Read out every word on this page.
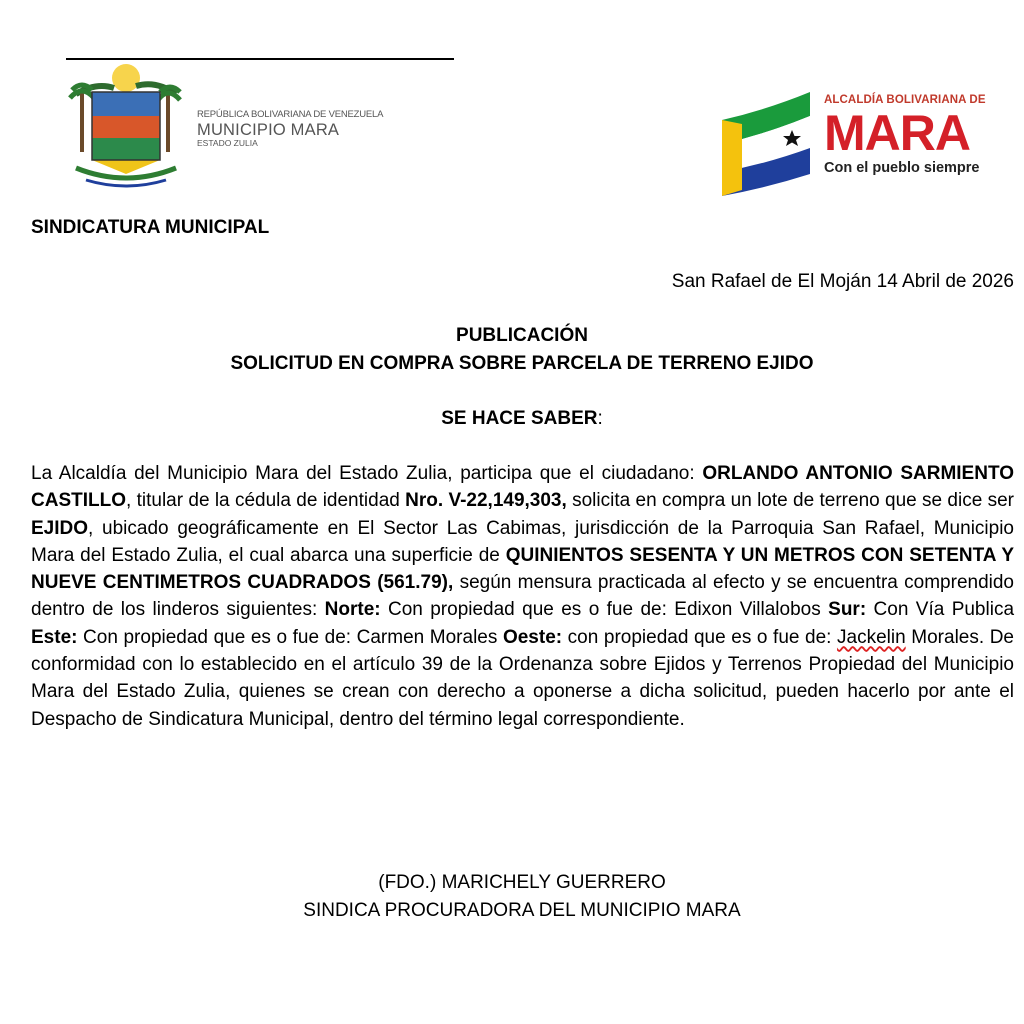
REPÚBLICA BOLIVARIANA DE VENEZUELA
MUNICIPIO MARA
ESTADO ZULIA
ALCALDÍA BOLIVARIANA DE
MARA
Con el pueblo siempre
SINDICATURA MUNICIPAL
San Rafael de El Moján 14 Abril de 2026
PUBLICACIÓN
SOLICITUD EN COMPRA SOBRE PARCELA DE TERRENO EJIDO
SE HACE SABER:
La Alcaldía del Municipio Mara del Estado Zulia, participa que el ciudadano: ORLANDO ANTONIO SARMIENTO CASTILLO, titular de la cédula de identidad Nro. V-22,149,303, solicita en compra un lote de terreno que se dice ser EJIDO, ubicado geográficamente en El Sector Las Cabimas, jurisdicción de la Parroquia San Rafael, Municipio Mara del Estado Zulia, el cual abarca una superficie de QUINIENTOS SESENTA Y UN METROS CON SETENTA Y NUEVE CENTIMETROS CUADRADOS (561.79), según mensura practicada al efecto y se encuentra comprendido dentro de los linderos siguientes: Norte: Con propiedad que es o fue de: Edixon Villalobos Sur: Con Vía Publica Este: Con propiedad que es o fue de: Carmen Morales Oeste: con propiedad que es o fue de: Jackelin Morales. De conformidad con lo establecido en el artículo 39 de la Ordenanza sobre Ejidos y Terrenos Propiedad del Municipio Mara del Estado Zulia, quienes se crean con derecho a oponerse a dicha solicitud, pueden hacerlo por ante el Despacho de Sindicatura Municipal, dentro del término legal correspondiente.
(FDO.) MARICHELY GUERRERO
SINDICA PROCURADORA DEL MUNICIPIO MARA
